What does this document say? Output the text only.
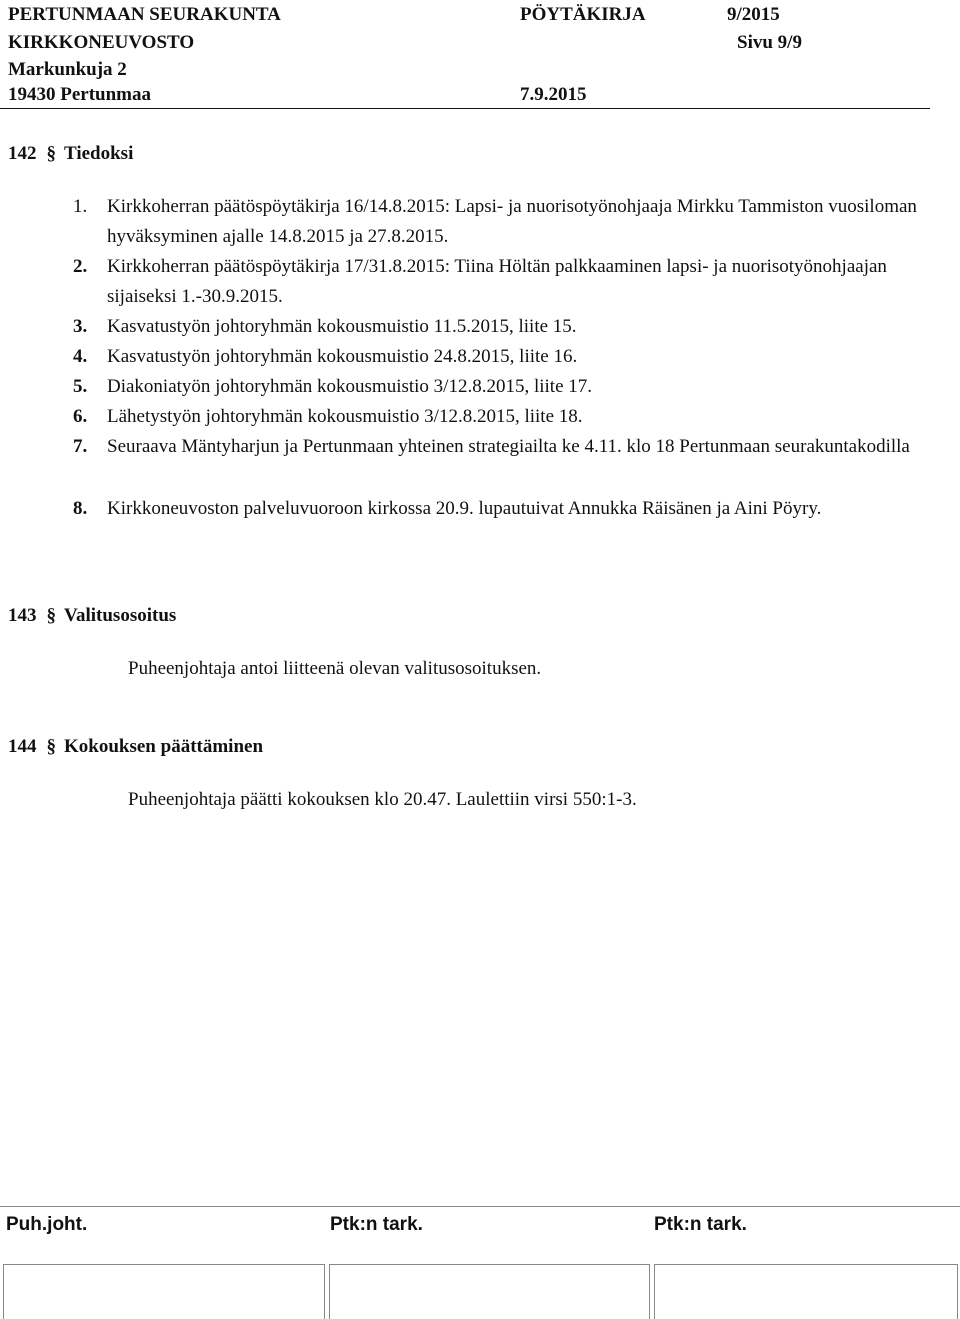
PERTUNMAAN SEURAKUNTA	PÖYTÄKIRJA	9/2015
KIRKKONEUVOSTO	Sivu 9/9
Markunkuja 2
19430 Pertunmaa	7.9.2015
142 § Tiedoksi
1.	Kirkkoherran päätöspöytäkirja 16/14.8.2015: Lapsi- ja nuorisotyönohjaaja Mirkku Tammiston vuosiloman hyväksyminen ajalle 14.8.2015 ja 27.8.2015.
2.	Kirkkoherran päätöspöytäkirja 17/31.8.2015: Tiina Höltän palkkaaminen lapsi- ja nuorisotyönohjaajan sijaiseksi 1.-30.9.2015.
3.	Kasvatustyön johtoryhmän kokousmuistio 11.5.2015, liite 15.
4.	Kasvatustyön johtoryhmän kokousmuistio 24.8.2015, liite 16.
5.	Diakoniatyön johtoryhmän kokousmuistio 3/12.8.2015, liite 17.
6.	Lähetystyön johtoryhmän kokousmuistio 3/12.8.2015, liite 18.
7.	Seuraava Mäntyharjun ja Pertunmaan yhteinen strategiailta ke 4.11. klo 18 Pertunmaan seurakuntakodilla
8.	Kirkkoneuvoston palveluvuoroon kirkossa 20.9. lupautuivat Annukka Räisänen ja Aini Pöyry.
143 § Valitusosoitus
Puheenjohtaja antoi liitteenä olevan valitusosoituksen.
144 § Kokouksen päättäminen
Puheenjohtaja päätti kokouksen klo 20.47. Laulettiin virsi 550:1-3.
Puh.joht.	Ptk:n tark.	Ptk:n tark.
